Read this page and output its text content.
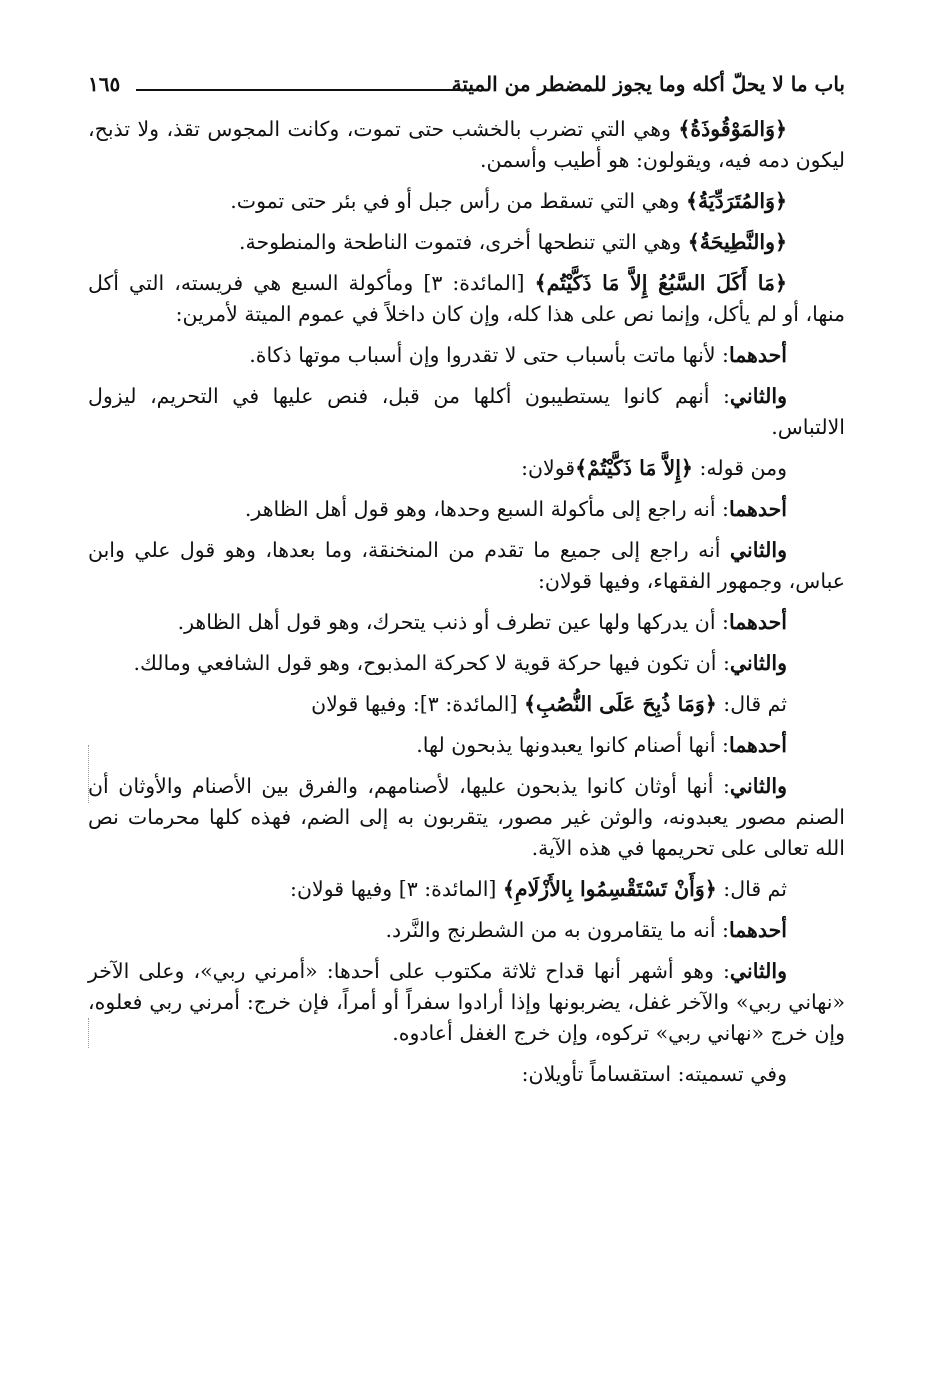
باب ما لا يحلّ أكله وما يجوز للمضطر من الميتة
١٦٥

﴿وَالمَوْقُوذَةُ﴾ وهي التي تضرب بالخشب حتى تموت، وكانت المجوس تقذ، ولا تذبح، ليكون دمه فيه، ويقولون: هو أطيب وأسمن.

﴿وَالمُتَرَدِّيَةُ﴾ وهي التي تسقط من رأس جبل أو في بئر حتى تموت.

﴿والنَّطِيحَةُ﴾ وهي التي تنطحها أخرى، فتموت الناطحة والمنطوحة.

﴿مَا أَكَلَ السَّبُعُ إِلاَّ مَا ذَكَّيْتُم﴾ [المائدة: ٣] ومأكولة السبع هي فريسته، التي أكل منها، أو لم يأكل، وإنما نص على هذا كله، وإن كان داخلاً في عموم الميتة لأمرين:

أحدهما: لأنها ماتت بأسباب حتى لا تقدروا وإن أسباب موتها ذكاة.

والثاني: أنهم كانوا يستطيبون أكلها من قبل، فنص عليها في التحريم، ليزول الالتباس.

ومن قوله: ﴿إِلاَّ مَا ذَكَّيْتُمْ﴾قولان:

أحدهما: أنه راجع إلى مأكولة السبع وحدها، وهو قول أهل الظاهر.

والثاني أنه راجع إلى جميع ما تقدم من المنخنقة، وما بعدها، وهو قول علي وابن عباس، وجمهور الفقهاء، وفيها قولان:

أحدهما: أن يدركها ولها عين تطرف أو ذنب يتحرك، وهو قول أهل الظاهر.

والثاني: أن تكون فيها حركة قوية لا كحركة المذبوح، وهو قول الشافعي ومالك.

ثم قال: ﴿وَمَا ذُبِحَ عَلَى النُّصُبِ﴾ [المائدة: ٣]: وفيها قولان

أحدهما: أنها أصنام كانوا يعبدونها يذبحون لها.

والثاني: أنها أوثان كانوا يذبحون عليها، لأصنامهم، والفرق بين الأصنام والأوثان أن الصنم مصور يعبدونه، والوثن غير مصور، يتقربون به إلى الضم، فهذه كلها محرمات نص الله تعالى على تحريمها في هذه الآية.

ثم قال: ﴿وَأَنْ تَسْتَقْسِمُوا بِالأَزْلَامِ﴾ [المائدة: ٣] وفيها قولان:

أحدهما: أنه ما يتقامرون به من الشطرنج والنَّرد.

والثاني: وهو أشهر أنها قداح ثلاثة مكتوب على أحدها: «أمرني ربي»، وعلى الآخر «نهاني ربي» والآخر غفل، يضربونها وإذا أرادوا سفراً أو أمراً، فإن خرج: أمرني ربي فعلوه، وإن خرج «نهاني ربي» تركوه، وإن خرج الغفل أعادوه.

وفي تسميته: استقساماً تأويلان:
